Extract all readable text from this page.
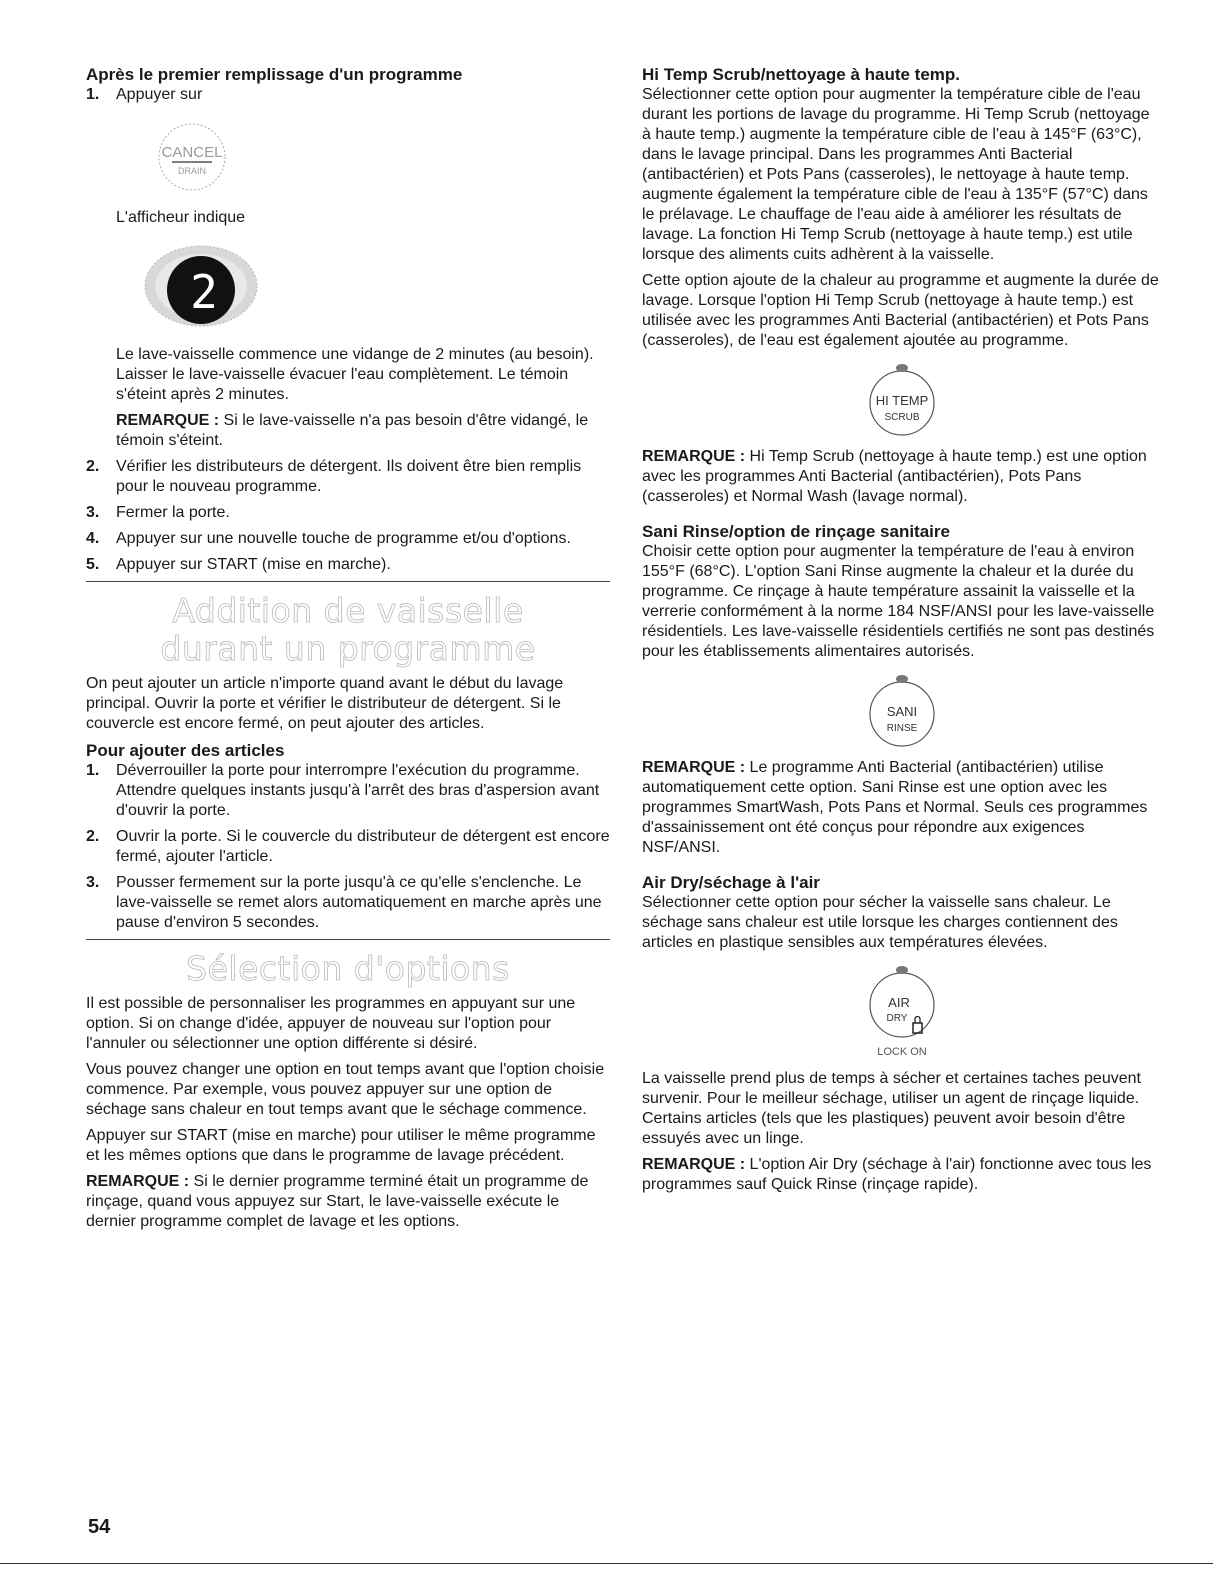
Après le premier remplissage d'un programme
1. Appuyer sur
CANCEL
DRAIN

L'afficheur indique

2

Le lave-vaisselle commence une vidange de 2 minutes (au besoin). Laisser le lave-vaisselle évacuer l'eau complètement. Le témoin s'éteint après 2 minutes.

REMARQUE : Si le lave-vaisselle n'a pas besoin d'être vidangé, le témoin s'éteint.

2. Vérifier les distributeurs de détergent. Ils doivent être bien remplis pour le nouveau programme.
3. Fermer la porte.
4. Appuyer sur une nouvelle touche de programme et/ou d'options.
5. Appuyer sur START (mise en marche).
Addition de vaisselle
durant un programme

On peut ajouter un article n'importe quand avant le début du lavage principal. Ouvrir la porte et vérifier le distributeur de détergent. Si le couvercle est encore fermé, on peut ajouter des articles.

Pour ajouter des articles
1. Déverrouiller la porte pour interrompre l'exécution du programme. Attendre quelques instants jusqu'à l'arrêt des bras d'aspersion avant d'ouvrir la porte.
2. Ouvrir la porte. Si le couvercle du distributeur de détergent est encore fermé, ajouter l'article.
3. Pousser fermement sur la porte jusqu'à ce qu'elle s'enclenche. Le lave-vaisselle se remet alors automatiquement en marche après une pause d'environ 5 secondes.
Sélection d'options

Il est possible de personnaliser les programmes en appuyant sur une option. Si on change d'idée, appuyer de nouveau sur l'option pour l'annuler ou sélectionner une option différente si désiré.

Vous pouvez changer une option en tout temps avant que l'option choisie commence. Par exemple, vous pouvez appuyer sur une option de séchage sans chaleur en tout temps avant que le séchage commence.

Appuyer sur START (mise en marche) pour utiliser le même programme et les mêmes options que dans le programme de lavage précédent.

REMARQUE : Si le dernier programme terminé était un programme de rinçage, quand vous appuyez sur Start, le lave-vaisselle exécute le dernier programme complet de lavage et les options.

Hi Temp Scrub/nettoyage à haute temp.

Sélectionner cette option pour augmenter la température cible de l'eau durant les portions de lavage du programme. Hi Temp Scrub (nettoyage à haute temp.) augmente la température cible de l'eau à 145°F (63°C), dans le lavage principal. Dans les programmes Anti Bacterial (antibactérien) et Pots Pans (casseroles), le nettoyage à haute temp. augmente également la température cible de l'eau à 135°F (57°C) dans le prélavage. Le chauffage de l'eau aide à améliorer les résultats de lavage. La fonction Hi Temp Scrub (nettoyage à haute temp.) est utile lorsque des aliments cuits adhèrent à la vaisselle.

Cette option ajoute de la chaleur au programme et augmente la durée de lavage. Lorsque l'option Hi Temp Scrub (nettoyage à haute temp.) est utilisée avec les programmes Anti Bacterial (antibactérien) et Pots Pans (casseroles), de l'eau est également ajoutée au programme.

HI TEMP
SCRUB

REMARQUE : Hi Temp Scrub (nettoyage à haute temp.) est une option avec les programmes Anti Bacterial (antibactérien), Pots Pans (casseroles) et Normal Wash (lavage normal).

Sani Rinse/option de rinçage sanitaire

Choisir cette option pour augmenter la température de l'eau à environ 155°F (68°C). L'option Sani Rinse augmente la chaleur et la durée du programme. Ce rinçage à haute température assainit la vaisselle et la verrerie conformément à la norme 184 NSF/ANSI pour les lave-vaisselle résidentiels. Les lave-vaisselle résidentiels certifiés ne sont pas destinés pour les établissements alimentaires autorisés.

SANI
RINSE

REMARQUE : Le programme Anti Bacterial (antibactérien) utilise automatiquement cette option. Sani Rinse est une option avec les programmes SmartWash, Pots Pans et Normal. Seuls ces programmes d'assainissement ont été conçus pour répondre aux exigences NSF/ANSI.

Air Dry/séchage à l'air

Sélectionner cette option pour sécher la vaisselle sans chaleur. Le séchage sans chaleur est utile lorsque les charges contiennent des articles en plastique sensibles aux températures élevées.

AIR
DRY
LOCK ON

La vaisselle prend plus de temps à sécher et certaines taches peuvent survenir. Pour le meilleur séchage, utiliser un agent de rinçage liquide. Certains articles (tels que les plastiques) peuvent avoir besoin d'être essuyés avec un linge.

REMARQUE : L'option Air Dry (séchage à l'air) fonctionne avec tous les programmes sauf Quick Rinse (rinçage rapide).

54
